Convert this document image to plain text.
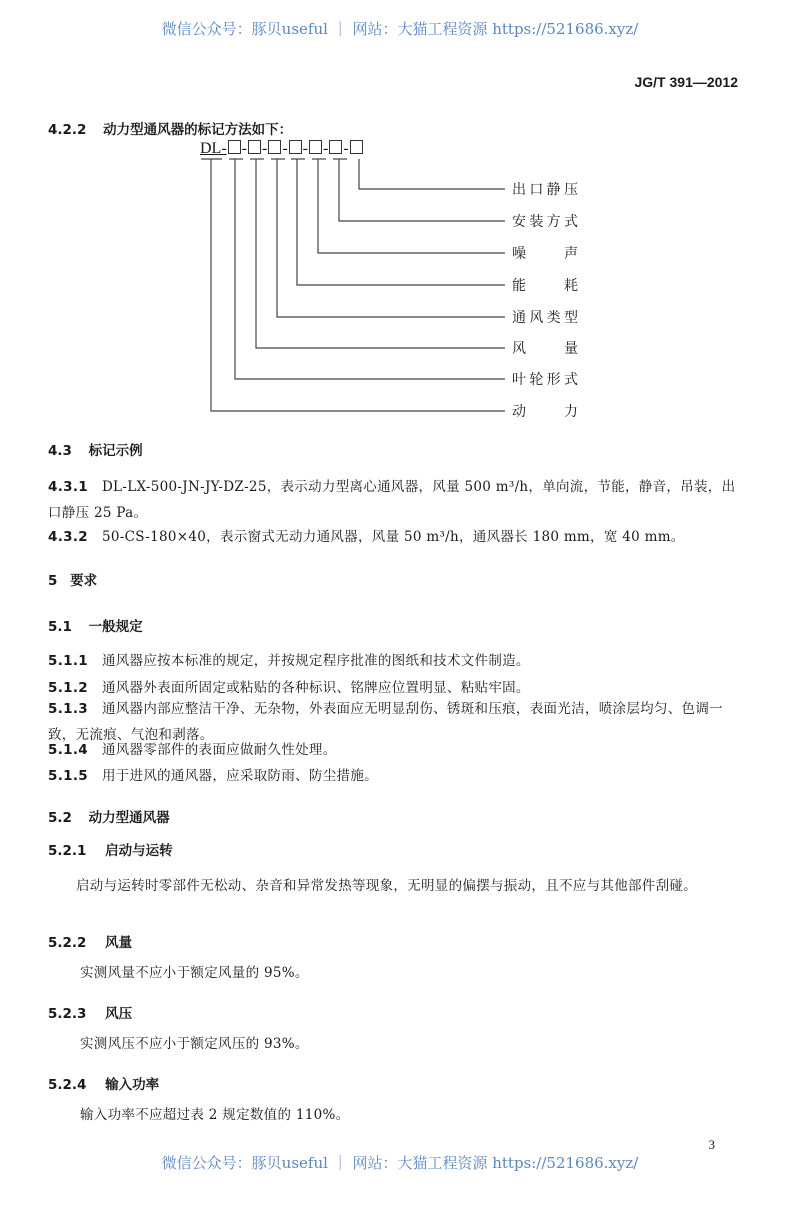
微信公众号：豚贝useful ｜ 网站：大猫工程资源 https://521686.xyz/
JG/T 391—2012
4.2.2 动力型通风器的标记方法如下：
DL- - - - - - -
出口静压
安装方式
噪声
能耗
通风类型
风量
叶轮形式
动力
4.3 标记示例
4.3.1 DL-LX-500-JN-JY-DZ-25，表示动力型离心通风器，风量 500 m³/h，单向流，节能，静音，吊装，出口静压 25 Pa。
4.3.2 50-CS-180×40，表示窗式无动力通风器，风量 50 m³/h，通风器长 180 mm，宽 40 mm。
5 要求
5.1 一般规定
5.1.1 通风器应按本标准的规定，并按规定程序批准的图纸和技术文件制造。
5.1.2 通风器外表面所固定或粘贴的各种标识、铭牌应位置明显、粘贴牢固。
5.1.3 通风器内部应整洁干净、无杂物，外表面应无明显刮伤、锈斑和压痕，表面光洁，喷涂层均匀、色调一致，无流痕、气泡和剥落。
5.1.4 通风器零部件的表面应做耐久性处理。
5.1.5 用于进风的通风器，应采取防雨、防尘措施。
5.2 动力型通风器
5.2.1 启动与运转
启动与运转时零部件无松动、杂音和异常发热等现象，无明显的偏摆与振动，且不应与其他部件刮碰。
5.2.2 风量
实测风量不应小于额定风量的 95%。
5.2.3 风压
实测风压不应小于额定风压的 93%。
5.2.4 输入功率
输入功率不应超过表 2 规定数值的 110%。
3
微信公众号：豚贝useful ｜ 网站：大猫工程资源 https://521686.xyz/
